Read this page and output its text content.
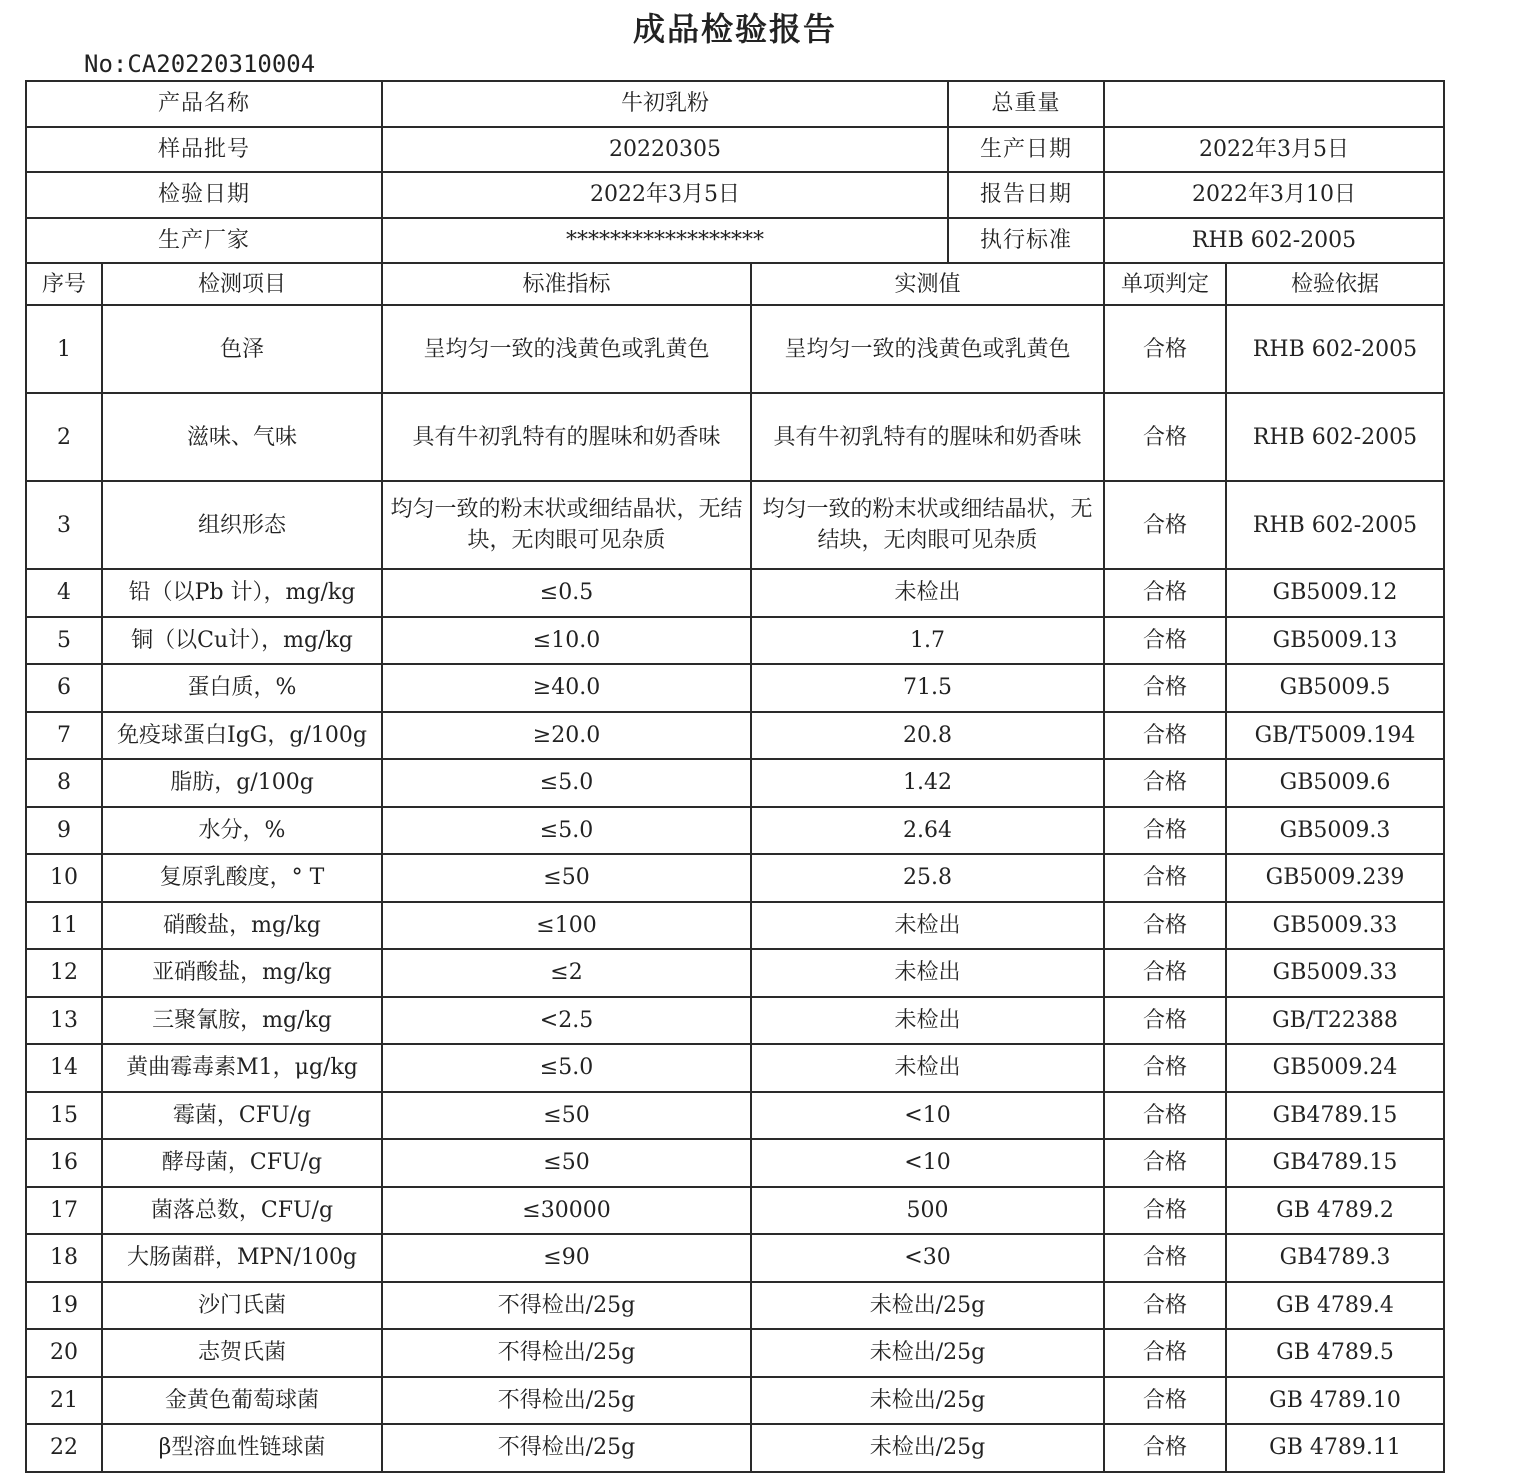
成品检验报告
No:CA20220310004
产品名称	牛初乳粉	总重量	
样品批号	20220305	生产日期	2022年3月5日
检验日期	2022年3月5日	报告日期	2022年3月10日
生产厂家	******************	执行标准	RHB 602-2005
序号	检测项目	标准指标	实测值	单项判定	检验依据
1	色泽	呈均匀一致的浅黄色或乳黄色	呈均匀一致的浅黄色或乳黄色	合格	RHB 602-2005
2	滋味、气味	具有牛初乳特有的腥味和奶香味	具有牛初乳特有的腥味和奶香味	合格	RHB 602-2005
3	组织形态	均匀一致的粉末状或细结晶状，无结块，无肉眼可见杂质	均匀一致的粉末状或细结晶状，无结块，无肉眼可见杂质	合格	RHB 602-2005
4	铅（以Pb 计），mg/kg	≤0.5	未检出	合格	GB5009.12
5	铜（以Cu计），mg/kg	≤10.0	1.7	合格	GB5009.13
6	蛋白质，%	≥40.0	71.5	合格	GB5009.5
7	免疫球蛋白IgG，g/100g	≥20.0	20.8	合格	GB/T5009.194
8	脂肪，g/100g	≤5.0	1.42	合格	GB5009.6
9	水分，%	≤5.0	2.64	合格	GB5009.3
10	复原乳酸度，° T	≤50	25.8	合格	GB5009.239
11	硝酸盐，mg/kg	≤100	未检出	合格	GB5009.33
12	亚硝酸盐，mg/kg	≤2	未检出	合格	GB5009.33
13	三聚氰胺，mg/kg	<2.5	未检出	合格	GB/T22388
14	黄曲霉毒素M1，μg/kg	≤5.0	未检出	合格	GB5009.24
15	霉菌，CFU/g	≤50	<10	合格	GB4789.15
16	酵母菌，CFU/g	≤50	<10	合格	GB4789.15
17	菌落总数，CFU/g	≤30000	500	合格	GB 4789.2
18	大肠菌群，MPN/100g	≤90	<30	合格	GB4789.3
19	沙门氏菌	不得检出/25g	未检出/25g	合格	GB 4789.4
20	志贺氏菌	不得检出/25g	未检出/25g	合格	GB 4789.5
21	金黄色葡萄球菌	不得检出/25g	未检出/25g	合格	GB 4789.10
22	β型溶血性链球菌	不得检出/25g	未检出/25g	合格	GB 4789.11
